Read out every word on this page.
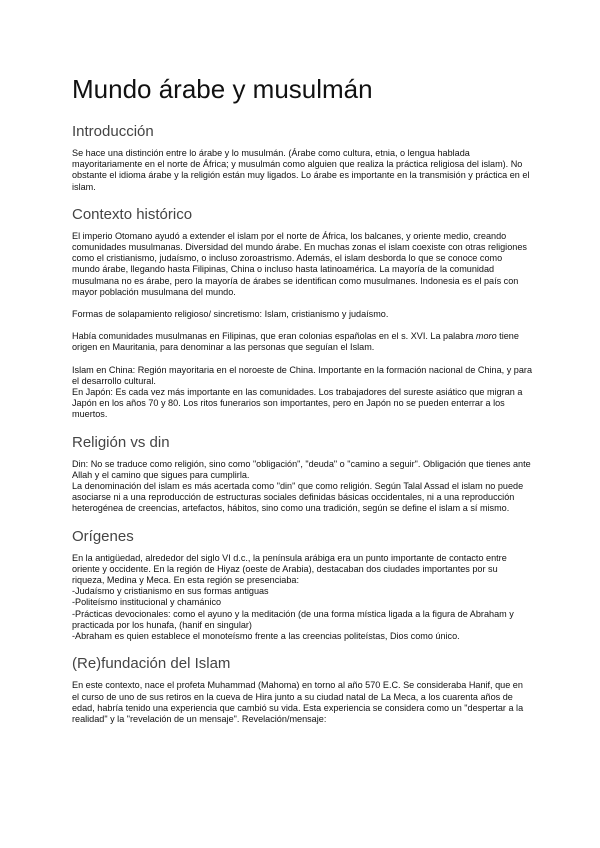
Mundo árabe y musulmán
Introducción

Se hace una distinción entre lo árabe y lo musulmán. (Árabe como cultura, etnia, o lengua hablada mayoritariamente en el norte de África; y musulmán como alguien que realiza la práctica religiosa del islam). No obstante el idioma árabe y la religión están muy ligados. Lo árabe es importante en la transmisión y práctica en el islam.

Contexto histórico

El imperio Otomano ayudó a extender el islam por el norte de África, los balcanes, y oriente medio, creando comunidades musulmanas. Diversidad del mundo árabe. En muchas zonas el islam coexiste con otras religiones como el cristianismo, judaísmo, o incluso zoroastrismo. Además, el islam desborda lo que se conoce como mundo árabe, llegando hasta Filipinas, China o incluso hasta latinoamérica. La mayoría de la comunidad musulmana no es árabe, pero la mayoría de árabes se identifican como musulmanes. Indonesia es el país con mayor población musulmana del mundo.

Formas de solapamiento religioso/ sincretismo: Islam, cristianismo y judaísmo.

Había comunidades musulmanas en Filipinas, que eran colonias españolas en el s. XVI. La palabra moro tiene origen en Mauritania, para denominar a las personas que seguían el Islam.

Islam en China: Región mayoritaria en el noroeste de China. Importante en la formación nacional de China, y para el desarrollo cultural.

En Japón: Es cada vez más importante en las comunidades. Los trabajadores del sureste asiático que migran a Japón en los años 70 y 80. Los ritos funerarios son importantes, pero en Japón no se pueden enterrar a los muertos.

Religión vs din

Din: No se traduce como religión, sino como "obligación", "deuda" o "camino a seguir". Obligación que tienes ante Allah y el camino que sigues para cumplirla.

La denominación del islam es más acertada como "din" que como religión. Según Talal Assad el islam no puede asociarse ni a una reproducción de estructuras sociales definidas básicas occidentales, ni a una reproducción heterogénea de creencias, artefactos, hábitos, sino como una tradición, según se define el islam a sí mismo.

Orígenes

En la antigüedad, alrededor del siglo VI d.c., la península arábiga era un punto importante de contacto entre oriente y occidente. En la región de Hiyaz (oeste de Arabia), destacaban dos ciudades importantes por su riqueza, Medina y Meca. En esta región se presenciaba:

-Judaísmo y cristianismo en sus formas antiguas

-Politeísmo institucional y chamánico

-Prácticas devocionales: como el ayuno y la meditación (de una forma mística ligada a la figura de Abraham y practicada por los hunafa, (hanif en singular)

-Abraham es quien establece el monoteísmo frente a las creencias politeístas, Dios como único.

(Re)fundación del Islam

En este contexto, nace el profeta Muhammad (Mahoma) en torno al año 570 E.C. Se consideraba Hanif, que en el curso de uno de sus retiros en la cueva de Hira junto a su ciudad natal de La Meca, a los cuarenta años de edad, habría tenido una experiencia que cambió su vida. Esta experiencia se considera como un "despertar a la realidad" y la "revelación de un mensaje". Revelación/mensaje:
